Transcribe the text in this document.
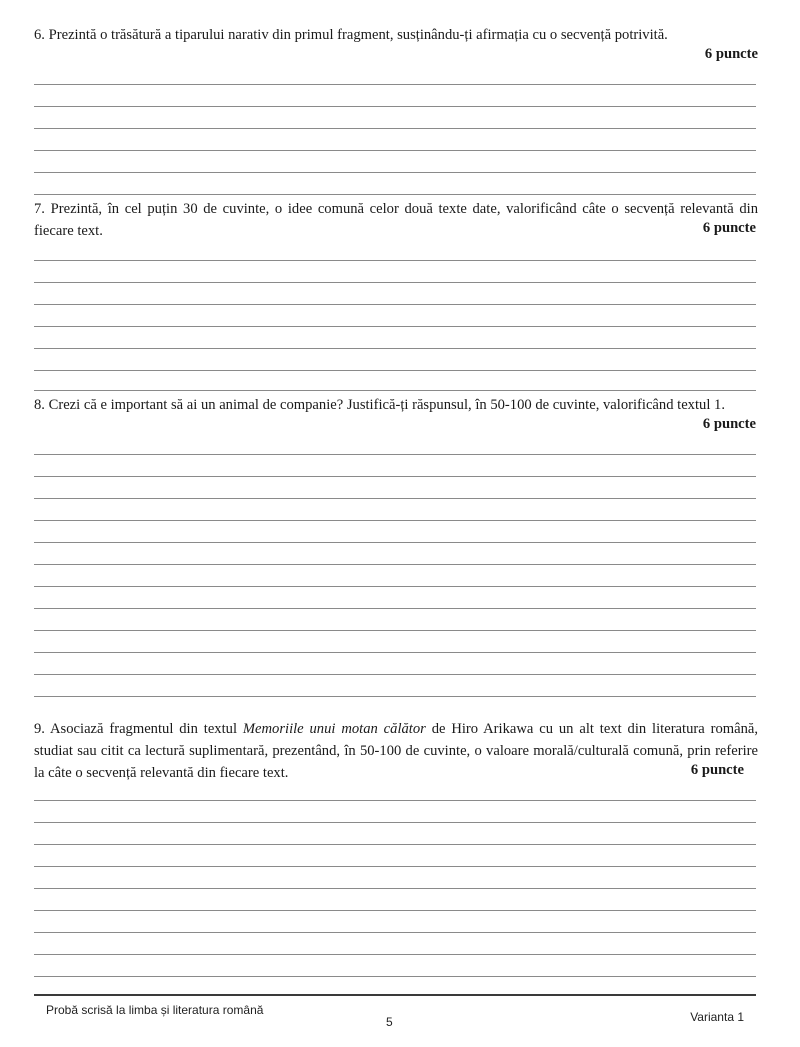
6. Prezintă o trăsătură a tiparului narativ din primul fragment, susținându-ți afirmația cu o secvență potrivită.
6 puncte
7. Prezintă, în cel puțin 30 de cuvinte, o idee comună celor două texte date, valorificând câte o secvență relevantă din fiecare text.	6 puncte
8. Crezi că e important să ai un animal de companie? Justifică-ți răspunsul, în 50-100 de cuvinte, valorificând textul 1.
6 puncte
9. Asociază fragmentul din textul Memoriile unui motan călător de Hiro Arikawa cu un alt text din literatura română, studiat sau citit ca lectură suplimentară, prezentând, în 50-100 de cuvinte, o valoare morală/culturală comună, prin referire la câte o secvență relevantă din fiecare text.	6 puncte
Probă scrisă la limba și literatura română
5	Varianta 1
